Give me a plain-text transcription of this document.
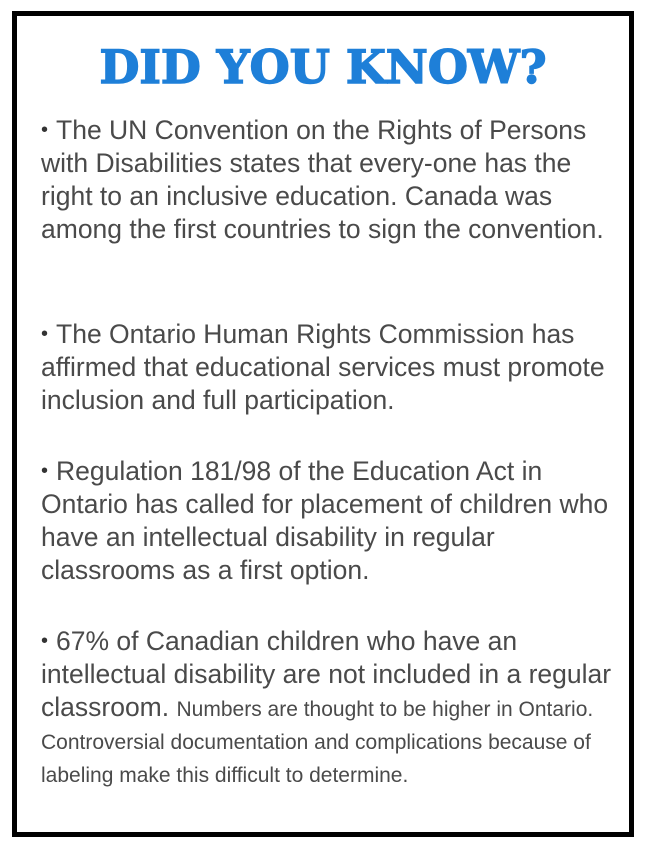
DID YOU KNOW?

• The UN Convention on the Rights of Persons with Disabilities states that every-one has the right to an inclusive education. Canada was among the first countries to sign the convention.

• The Ontario Human Rights Commission has affirmed that educational services must promote inclusion and full participation.

• Regulation 181/98 of the Education Act in Ontario has called for placement of children who have an intellectual disability in regular classrooms as a first option.

• 67% of Canadian children who have an intellectual disability are not included in a regular classroom. Numbers are thought to be higher in Ontario. Controversial documentation and complications because of labeling make this difficult to determine.
